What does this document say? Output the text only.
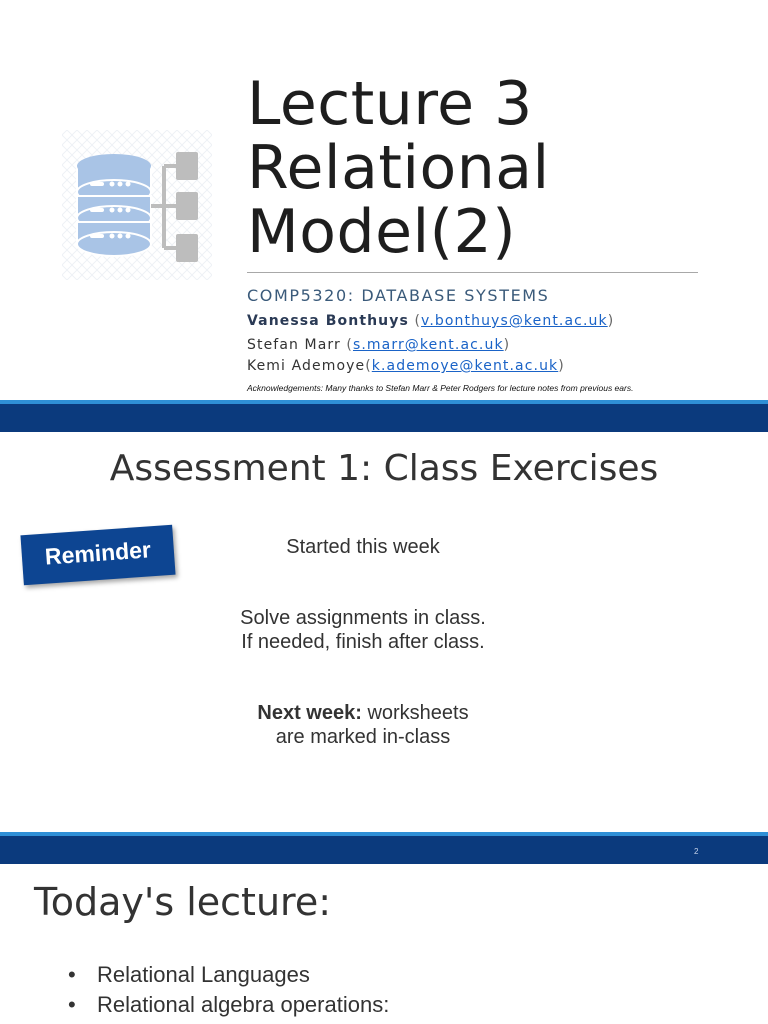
Lecture 3
Relational
Model(2)
COMP5320: DATABASE SYSTEMS
Vanessa Bonthuys (v.bonthuys@kent.ac.uk)
Stefan Marr (s.marr@kent.ac.uk)
Kemi Ademoye(k.ademoye@kent.ac.uk)
Acknowledgements: Many thanks to Stefan Marr & Peter Rodgers for lecture notes from previous ears.
Assessment 1: Class Exercises
Reminder	Started this week
Solve assignments in class.
If needed, finish after class.
Next week: worksheets
are marked in-class
2
Today's lecture:
• Relational Languages
• Relational algebra operations:
